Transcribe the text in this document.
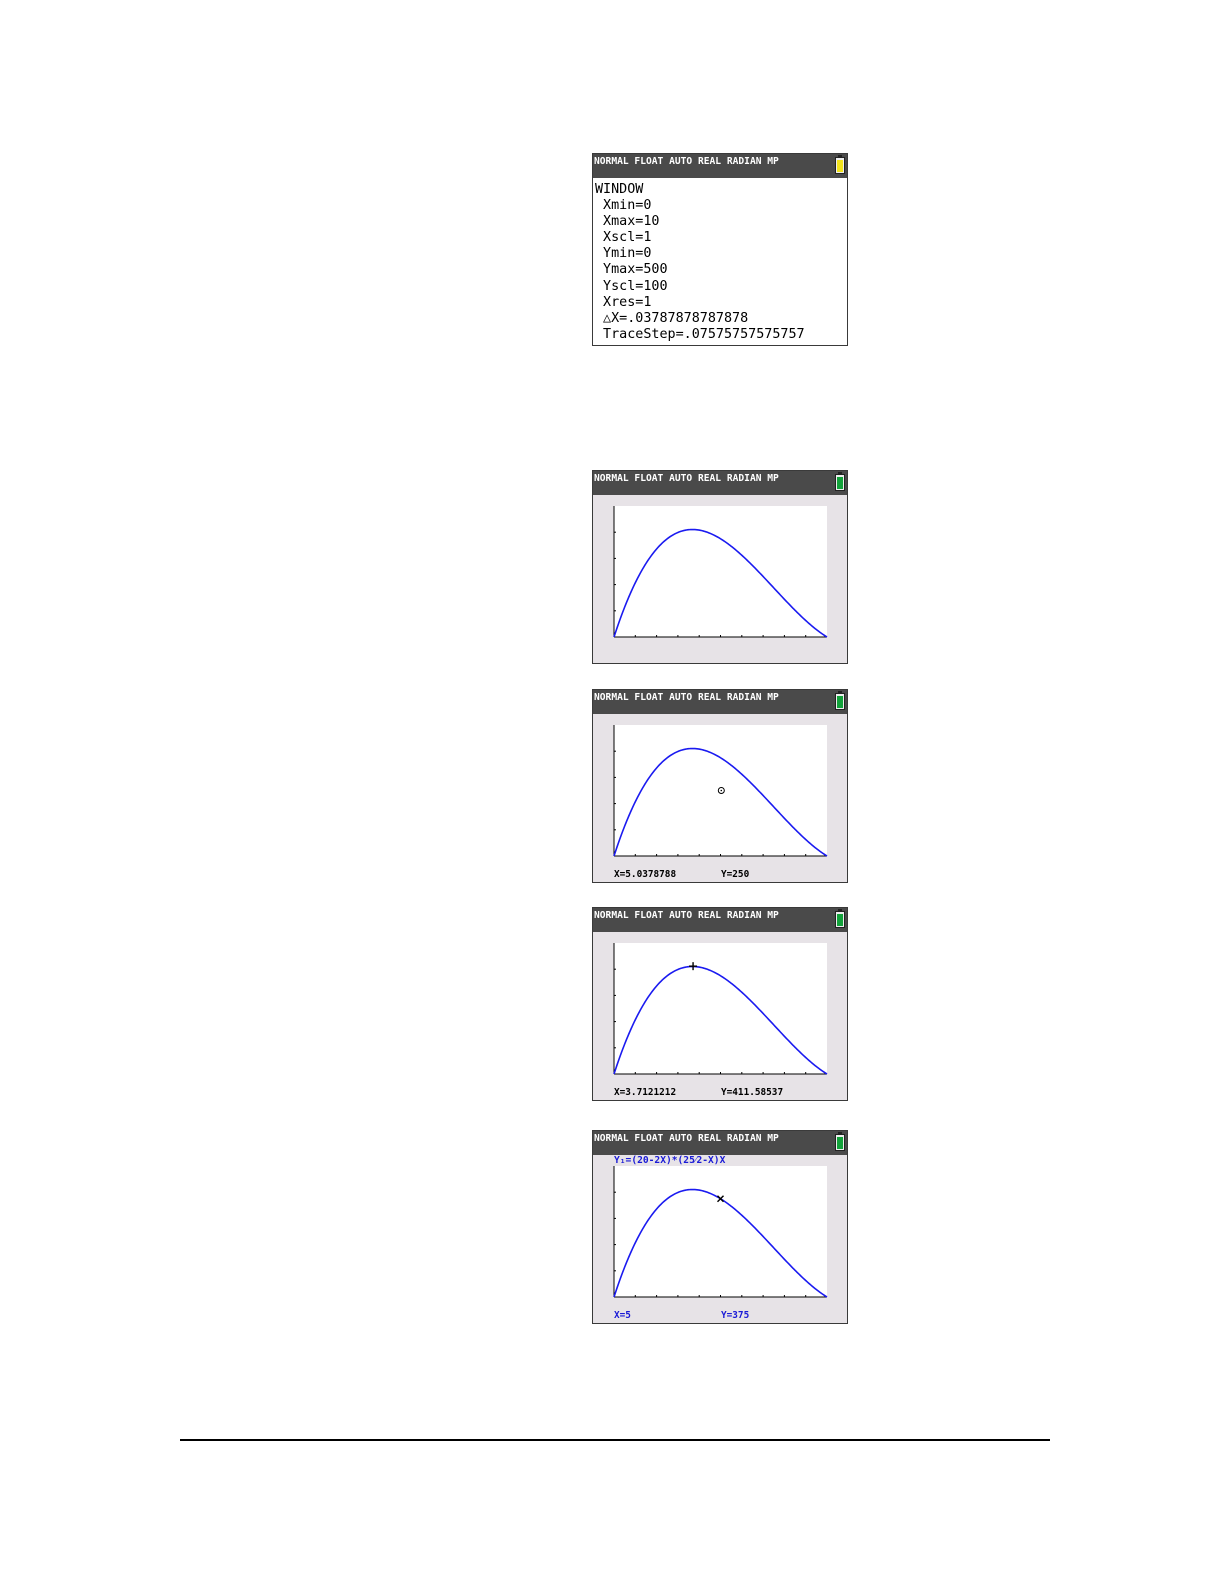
NORMAL FLOAT AUTO REAL RADIAN MP
WINDOW
Xmin=0
Xmax=10
Xscl=1
Ymin=0
Ymax=500
Yscl=100
Xres=1
△X=.03787878787878
TraceStep=.07575757575757
NORMAL FLOAT AUTO REAL RADIAN MP
NORMAL FLOAT AUTO REAL RADIAN MP
X=5.0378788	Y=250
NORMAL FLOAT AUTO REAL RADIAN MP
X=3.7121212	Y=411.58537
NORMAL FLOAT AUTO REAL RADIAN MP
Y₁=(20-2X)*(25⁄2-X)X
X=5	Y=375
